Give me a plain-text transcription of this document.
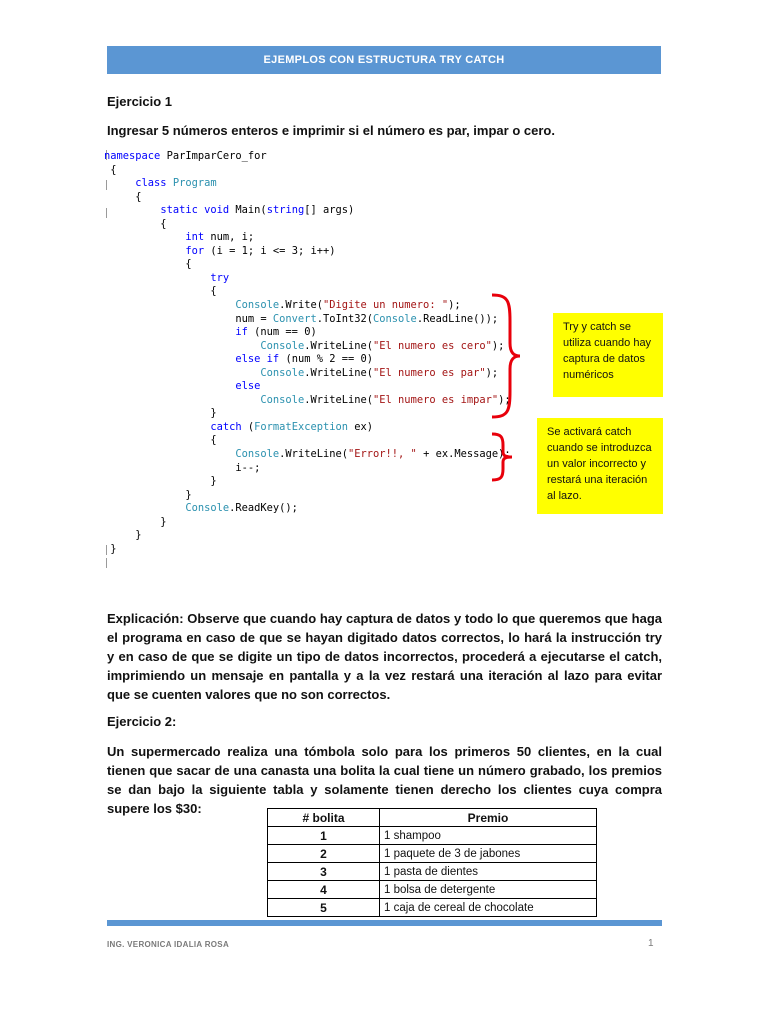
EJEMPLOS CON ESTRUCTURA TRY CATCH
Ejercicio 1
Ingresar 5 números enteros e imprimir si el número es par, impar o cero.
namespace ParImparCero_for
{
class Program
{
static void Main(string[] args)
{
int num, i;
for (i = 1; i <= 3; i++)
{
try
{
Console.Write("Digite un numero: ");
num = Convert.ToInt32(Console.ReadLine());
if (num == 0)
Console.WriteLine("El numero es cero");
else if (num % 2 == 0)
Console.WriteLine("El numero es par");
else
Console.WriteLine("El numero es impar");
}
catch (FormatException ex)
{
Console.WriteLine("Error!!, " + ex.Message);
i--;
}
}
Console.ReadKey();
}
}
}
Try y catch se utiliza cuando hay captura de datos numéricos
Se activará catch cuando se introduzca un valor incorrecto y restará una iteración al lazo.
Explicación: Observe que cuando hay captura de datos y todo lo que queremos que haga el programa en caso de que se hayan digitado datos correctos, lo hará la instrucción try y en caso de que se digite un tipo de datos incorrectos, procederá a ejecutarse el catch, imprimiendo un mensaje en pantalla y a la vez restará una iteración al lazo para evitar que se cuenten valores que no son correctos.
Ejercicio 2:
Un supermercado realiza una tómbola solo para los primeros 50 clientes, en la cual tienen que sacar de una canasta una bolita la cual tiene un número grabado, los premios se dan bajo la siguiente tabla y solamente tienen derecho los clientes cuya compra supere los $30:
# bolita	Premio
1	1 shampoo
2	1 paquete de 3 de jabones
3	1 pasta de dientes
4	1 bolsa de detergente
5	1 caja de cereal de chocolate
ING. VERONICA IDALIA ROSA	1
